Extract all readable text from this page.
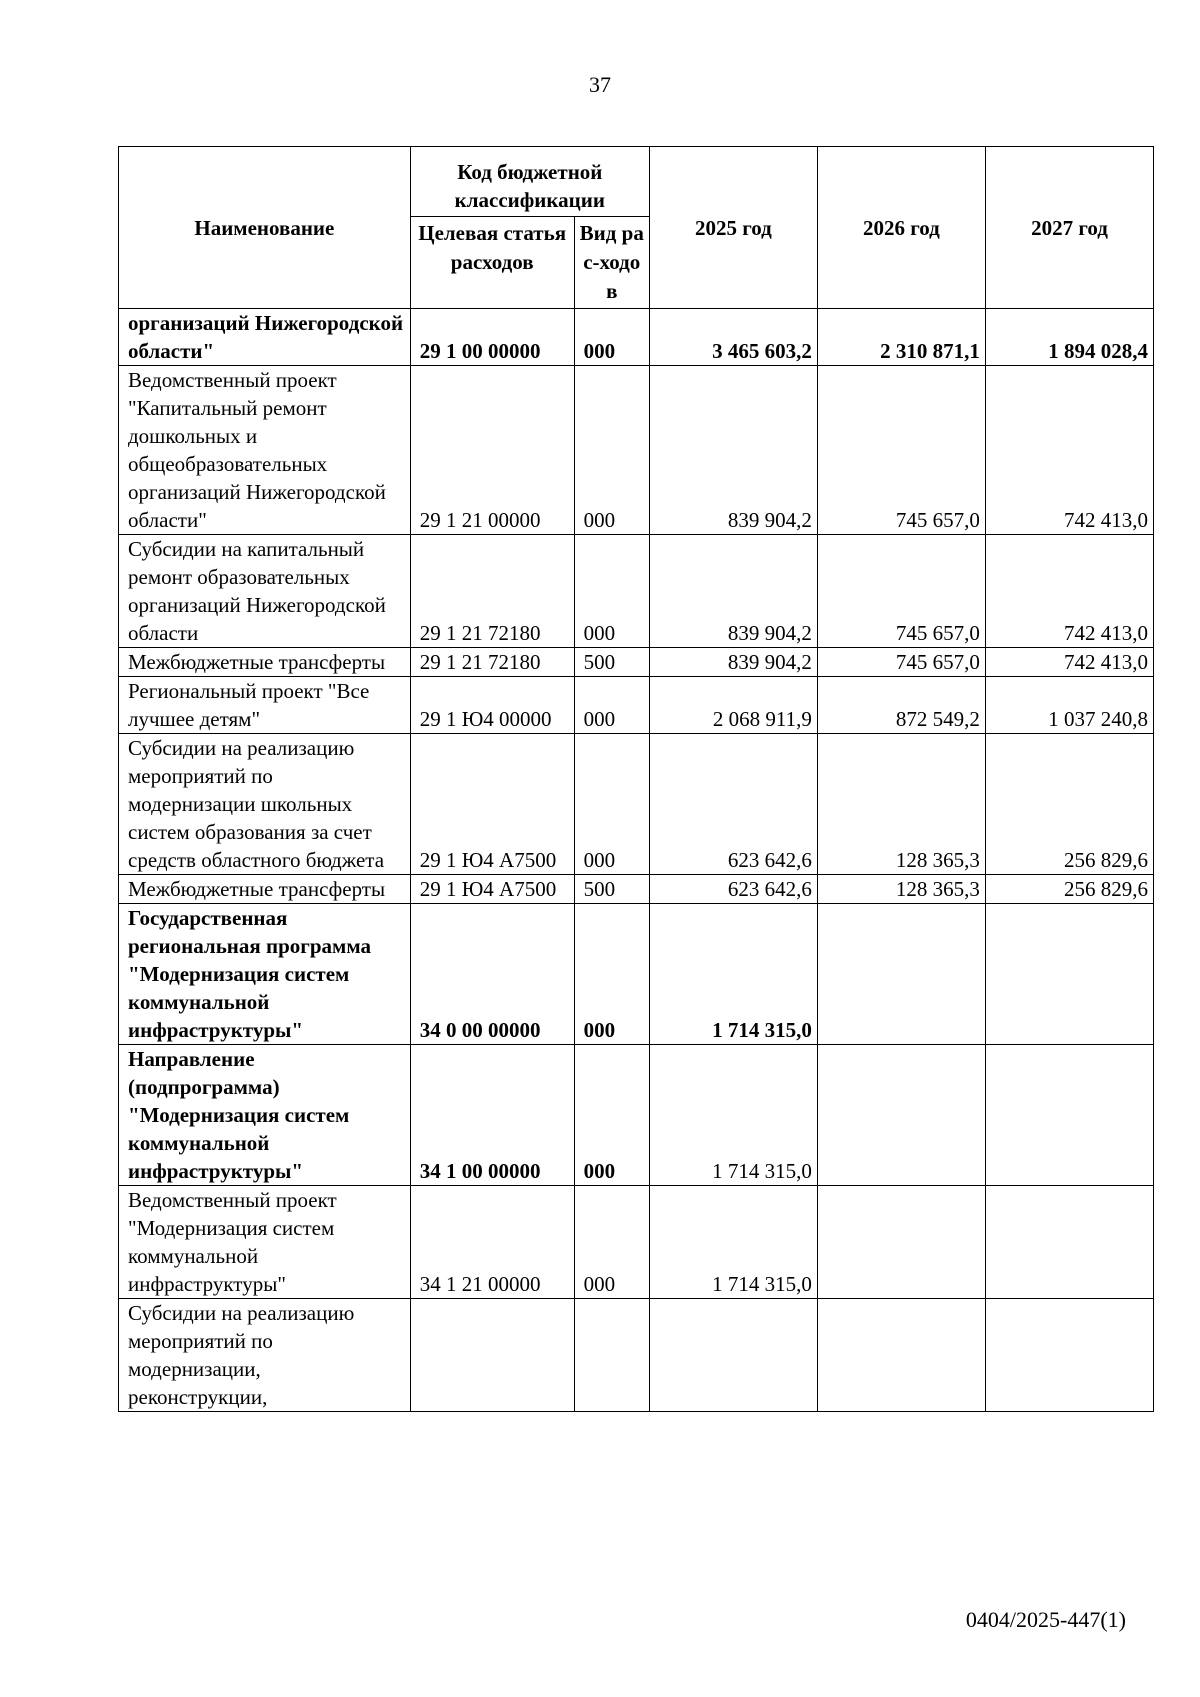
37
Наименование	Код бюджетной классификации		2025 год	2026 год	2027 год
	Целевая статья расходов	Вид рас-ходов			
организаций Нижегородской области"	29 1 00 00000	000	3 465 603,2	2 310 871,1	1 894 028,4
Ведомственный проект "Капитальный ремонт дошкольных и общеобразовательных организаций Нижегородской области"	29 1 21 00000	000	839 904,2	745 657,0	742 413,0
Субсидии на капитальный ремонт образовательных организаций Нижегородской области	29 1 21 72180	000	839 904,2	745 657,0	742 413,0
Межбюджетные трансферты	29 1 21 72180	500	839 904,2	745 657,0	742 413,0
Региональный проект "Все лучшее детям"	29 1 Ю4 00000	000	2 068 911,9	872 549,2	1 037 240,8
Субсидии на реализацию мероприятий по модернизации школьных систем образования за счет средств областного бюджета	29 1 Ю4 А7500	000	623 642,6	128 365,3	256 829,6
Межбюджетные трансферты	29 1 Ю4 А7500	500	623 642,6	128 365,3	256 829,6
Государственная региональная программа "Модернизация систем коммунальной инфраструктуры"	34 0 00 00000	000	1 714 315,0		
Направление (подпрограмма) "Модернизация систем коммунальной инфраструктуры"	34 1 00 00000	000	1 714 315,0		
Ведомственный проект "Модернизация систем коммунальной инфраструктуры"	34 1 21 00000	000	1 714 315,0		
Субсидии на реализацию мероприятий по модернизации, реконструкции,					
0404/2025-447(1)
